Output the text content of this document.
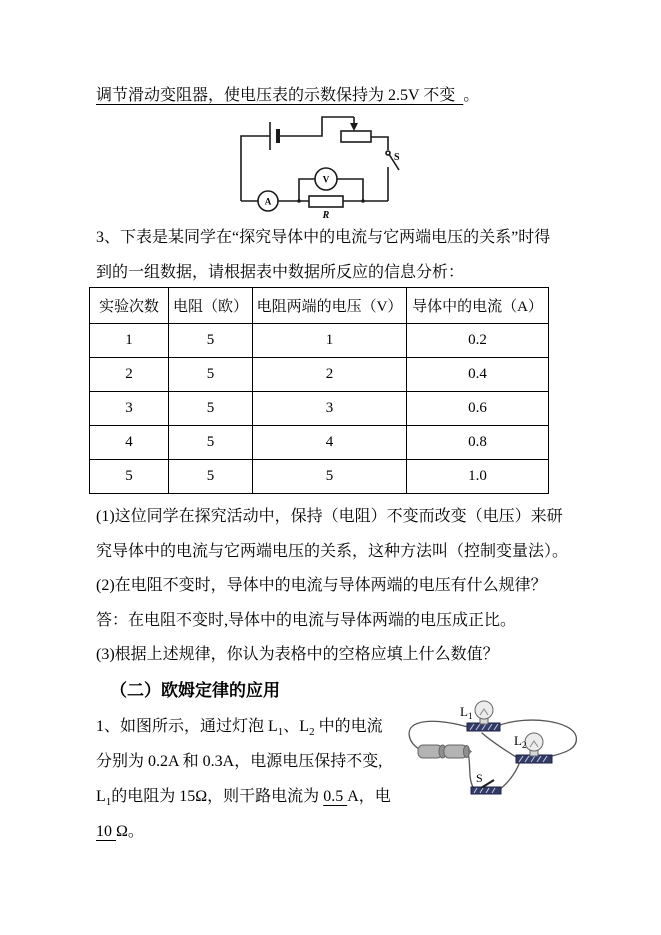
调节滑动变阻器，使电压表的示数保持为 2.5V 不变  。
S
V
A
R
3、下表是某同学在“探究导体中的电流与它两端电压的关系”时得
到的一组数据，请根据表中数据所反应的信息分析：
实验次数	电阻（欧）	电阻两端的电压（V）	导体中的电流（A）
1	5	1	0.2
2	5	2	0.4
3	5	3	0.6
4	5	4	0.8
5	5	5	1.0
(1)这位同学在探究活动中，保持（电阻）不变而改变（电压）来研
究导体中的电流与它两端电压的关系，这种方法叫（控制变量法）。
(2)在电阻不变时，导体中的电流与导体两端的电压有什么规律？
答：在电阻不变时,导体中的电流与导体两端的电压成正比。
(3)根据上述规律，你认为表格中的空格应填上什么数值？
（二）欧姆定律的应用
1、如图所示，通过灯泡 $L_1$、$L_2$ 中的电流
分别为 0.2A 和 0.3A，电源电压保持不变,
$L_1$的电阻为 15Ω，则干路电流为 0.5 A，电
10 Ω。
$L_1$
$L_2$
S
